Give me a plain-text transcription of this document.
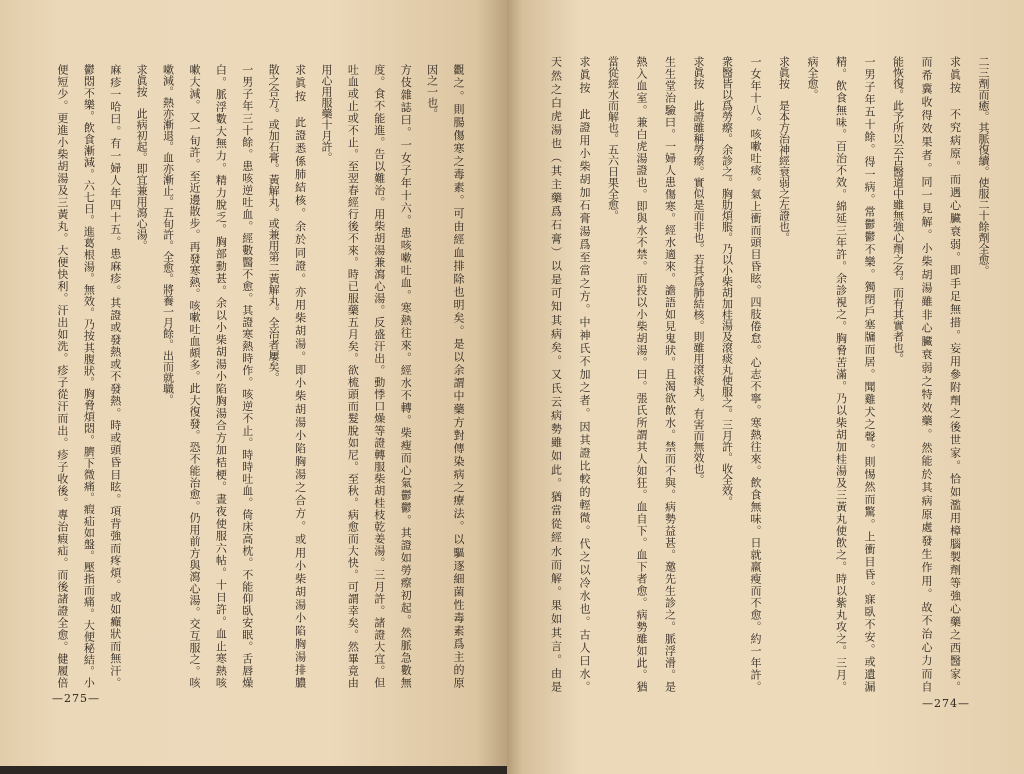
觀之。則腸傷寒之毒素。可由經血排除也明矣。是以余謂中藥方對傳染病之療法。以驅逐細菌性毒素爲主的原

因之一也。

方伎雜誌曰。一女子年十六。患咳嗽吐血。寒熱往來。經水不轉。柴瘦而心氣鬱鬱。其證如勞瘵初起。然脈急數無

度。食不能進。告以難治。用柴胡湯兼瀉心湯。反盛汗出。動悸口燥等證轉服柴胡桂枝乾姜湯。三月許。諸證大宜。但

吐血或止或不止。至翌春經行後不來。時已服藥五月矣。欲梳頭而髮脫如尼。至秋。病愈而大快。可謂幸矣。然畢竟由

用心用服藥十月許。

求眞按　此證悉係肺結核。余於同證。亦用柴胡湯。即小柴胡湯小陷胸湯之合方。或用小柴胡湯小陷胸湯排膿

散之合方。或加石膏。黃解丸。或兼用第二黃解丸。全治者屢矣。

一男子年三十餘。患咳逆吐血。經數醫不愈。其證寒熱時作。咳逆不止。時時吐血。倚床高枕。不能仰臥安眠。舌唇燥

白。脈浮數大無力。精力脫乏。胸部動甚。余以小柴胡湯小陷胸湯合方加桔梗。晝夜使服六帖。十日許。血止寒熱咳

嗽大減。又一旬許。至近邊散步。再發寒熱。咳嗽吐血頗多。此大復發。恐不能治愈。仍用前方與瀉心湯。交互服之。咳

嗽減。熱亦漸退。血亦漸止。五旬許。全愈。將養一月餘。出而就職。

求眞按　此病初起。即宜兼用瀉心湯。

麻疹一哈曰。有一婦人年四十五。患麻疹。其證或發熱或不發熱。時或頭昏目眩。項背強而疼煩。或如癲狀而無汗。

鬱悶不樂。飲食漸減。六七日。進葛根湯。無效。乃按其腹狀。胸脅煩悶。臍下微痛。瘕疝如盤。壓指而痛。大便秘結。小

便短少。更進小柴胡湯及三黃丸。大便快利。汗出如洗。疹子從汗而出。疹子收後。專治瘕疝。而後諸證全愈。健履倍

—275—

二三劑而癒。其脈復續。使服二十餘劑全愈。

求眞按　不究病原。而遇心臟衰弱。即手足無措。妄用參附劑之後世家。恰如濫用樟腦製劑等強心藥之西醫家。

而希冀收得效果者。同一見解。小柴胡湯雖非心臟衰弱之特效藥。然能於其病原處發生作用。故不治心力而自

能恢復。此予所以云古醫道中雖無強心劑之名。而有其實者也。

一男子年五十餘。得一病。常鬱鬱不樂。獨閉戶塞牖而居。聞雞犬之聲。則惕然而驚。上衝目昏。寐臥不安。或遺漏

精。飲食無味。百治不效。綿延三年許。余診視之。胸脅苦滿。乃以柴胡加桂湯及三黃丸使飲之。時以紫丸攻之。三月。

病全愈。

求眞按　是本方治神經衰弱之左證也。

一女年十八。咳嗽吐痰。氣上衝而頭目昏眩。四肢倦怠。心志不寧。寒熱往來。飲食無味。日就羸瘦而不愈。約一年許。

衆醫皆以爲勞瘵。余診之。胸肋煩脹。乃以小柴胡加桂湯及滾痰丸使服之。三月許。收全效。

求眞按　此證雖稱勞瘵。實似是而非也。若其爲肺結核。則雖用滾痰丸。有害而無效也。

生生堂治驗曰。一婦人患傷寒。經水適來。譫語如見鬼狀。且渴欲飲水。禁而不與。病勢益甚。邀先生診之。脈浮滑。是

熱入血室。兼白虎湯證也。即與水不禁。而投以小柴胡湯。曰。張氏所謂其人如狂。血自下。血下者愈。病勢雖如此。猶

當從經水而解也。五六日果全愈。

求眞按　此證用小柴胡加石膏湯爲至當之方。中神氏不加之者。因其證比較的輕微。代之以冷水也。古人曰水。

天然之白虎湯也（其主藥爲石膏）以是可知其病矣。又氏云病勢雖如此。猶當從經水而解。果如其言。由是

—274—
